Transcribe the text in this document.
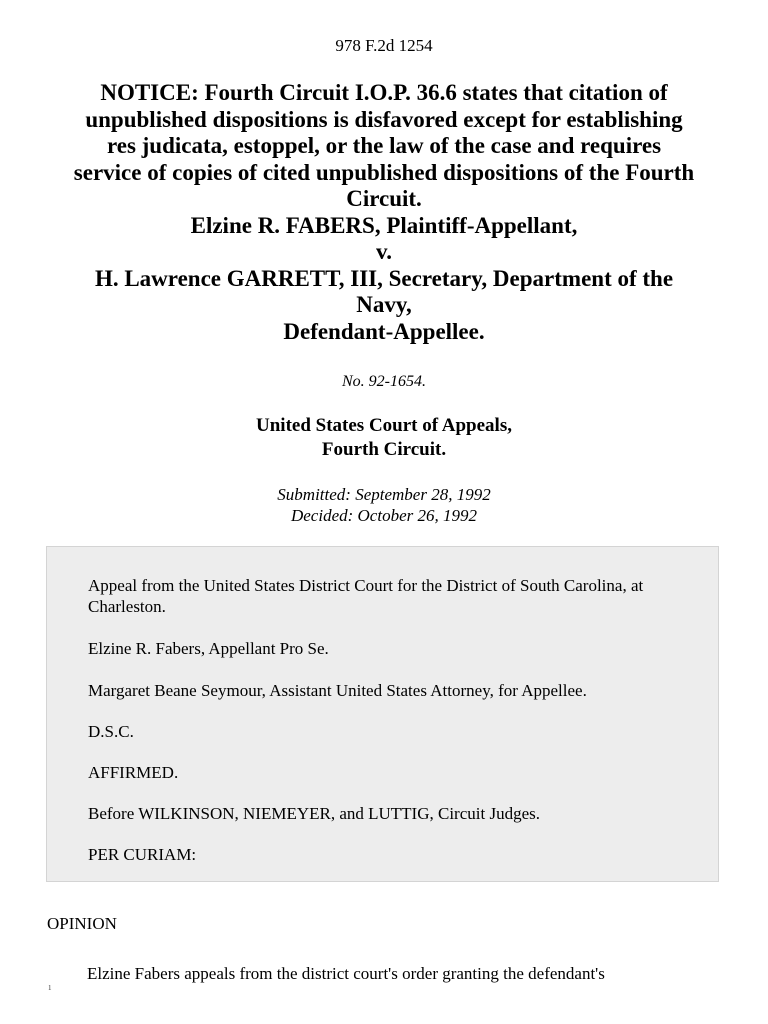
978 F.2d 1254
NOTICE: Fourth Circuit I.O.P. 36.6 states that citation of
unpublished dispositions is disfavored except for establishing
res judicata, estoppel, or the law of the case and requires
service of copies of cited unpublished dispositions of the Fourth
Circuit.
Elzine R. FABERS, Plaintiff-Appellant,
v.
H. Lawrence GARRETT, III, Secretary, Department of the
Navy,
Defendant-Appellee.
No. 92-1654.
United States Court of Appeals,
Fourth Circuit.
Submitted: September 28, 1992
Decided: October 26, 1992

Appeal from the United States District Court for the District of South Carolina, at Charleston.

Elzine R. Fabers, Appellant Pro Se.

Margaret Beane Seymour, Assistant United States Attorney, for Appellee.

D.S.C.

AFFIRMED.

Before WILKINSON, NIEMEYER, and LUTTIG, Circuit Judges.

PER CURIAM:

OPINION
Elzine Fabers appeals from the district court's order granting the defendant's
1
